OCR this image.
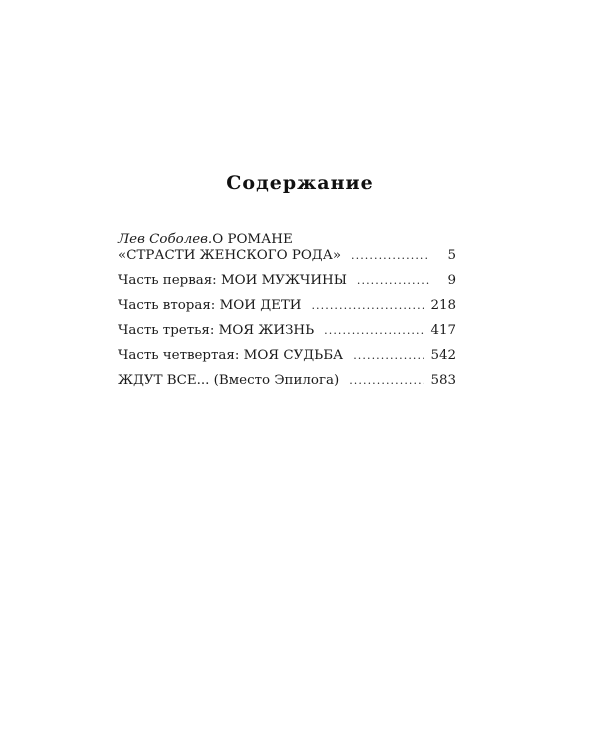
Содержание
Лев Соболев. О РОМАНЕ
«СТРАСТИ ЖЕНСКОГО РОДА» . . .	5
Часть первая: МОИ МУЖЧИНЫ . . .	9
Часть вторая: МОИ ДЕТИ . . .	218
Часть третья: МОЯ ЖИЗНЬ . . .	417
Часть четвертая: МОЯ СУДЬБА . . .	542
ЖДУТ ВСЕ... (Вместо Эпилога) . . .	583
